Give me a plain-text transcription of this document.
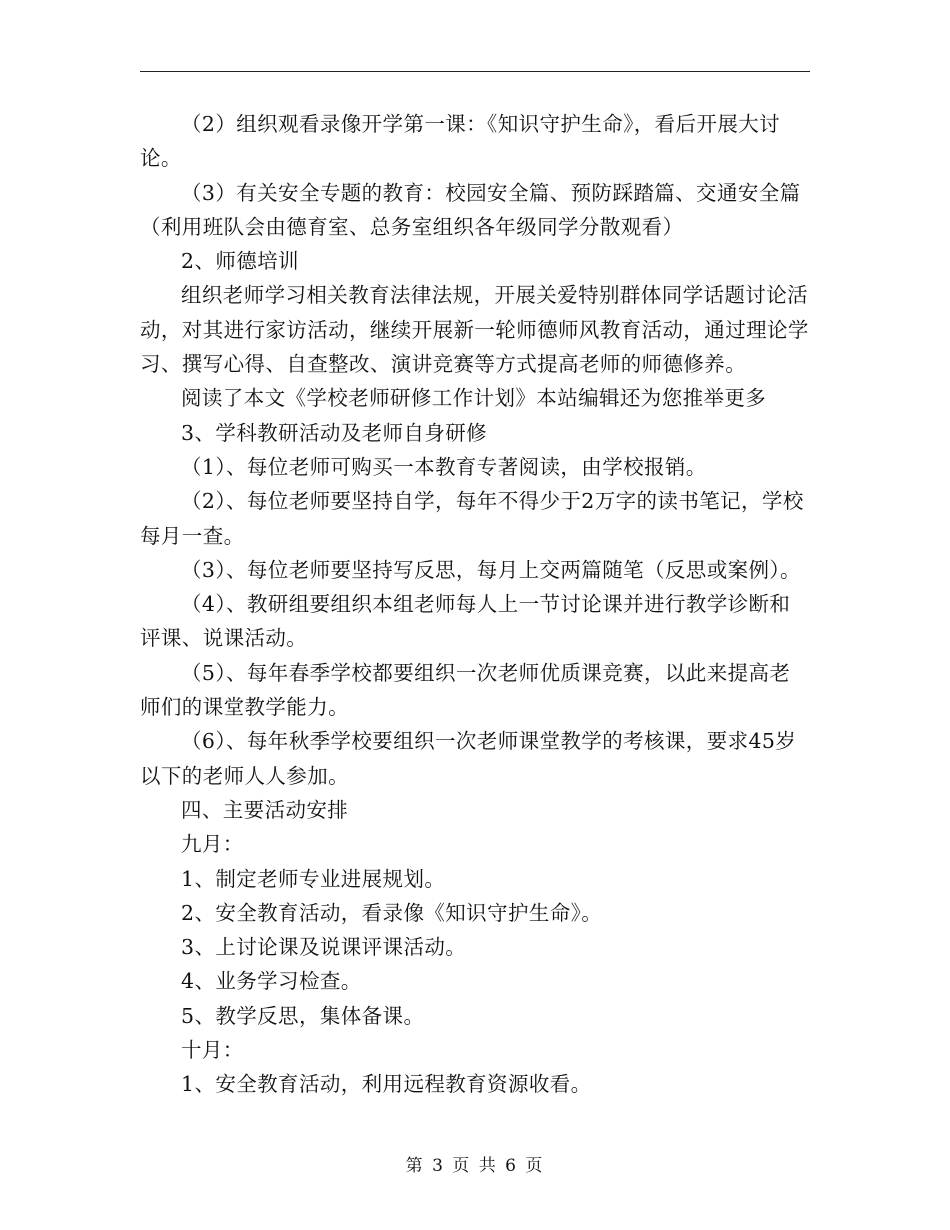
（2）组织观看录像开学第一课：《知识守护生命》，看后开展大讨论。

（3）有关安全专题的教育：校园安全篇、预防踩踏篇、交通安全篇（利用班队会由德育室、总务室组织各年级同学分散观看）

2、师德培训

组织老师学习相关教育法律法规，开展关爱特别群体同学话题讨论活动，对其进行家访活动，继续开展新一轮师德师风教育活动，通过理论学习、撰写心得、自查整改、演讲竞赛等方式提高老师的师德修养。

阅读了本文《学校老师研修工作计划》本站编辑还为您推举更多

3、学科教研活动及老师自身研修

（1）、每位老师可购买一本教育专著阅读，由学校报销。

（2）、每位老师要坚持自学，每年不得少于2万字的读书笔记，学校每月一查。

（3）、每位老师要坚持写反思，每月上交两篇随笔（反思或案例）。

（4）、教研组要组织本组老师每人上一节讨论课并进行教学诊断和评课、说课活动。

（5）、每年春季学校都要组织一次老师优质课竞赛，以此来提高老师们的课堂教学能力。

（6）、每年秋季学校要组织一次老师课堂教学的考核课，要求45岁以下的老师人人参加。

四、主要活动安排

九月：

1、制定老师专业进展规划。

2、安全教育活动，看录像《知识守护生命》。

3、上讨论课及说课评课活动。

4、业务学习检查。

5、教学反思，集体备课。

十月：

1、安全教育活动，利用远程教育资源收看。

第 3 页 共 6 页
